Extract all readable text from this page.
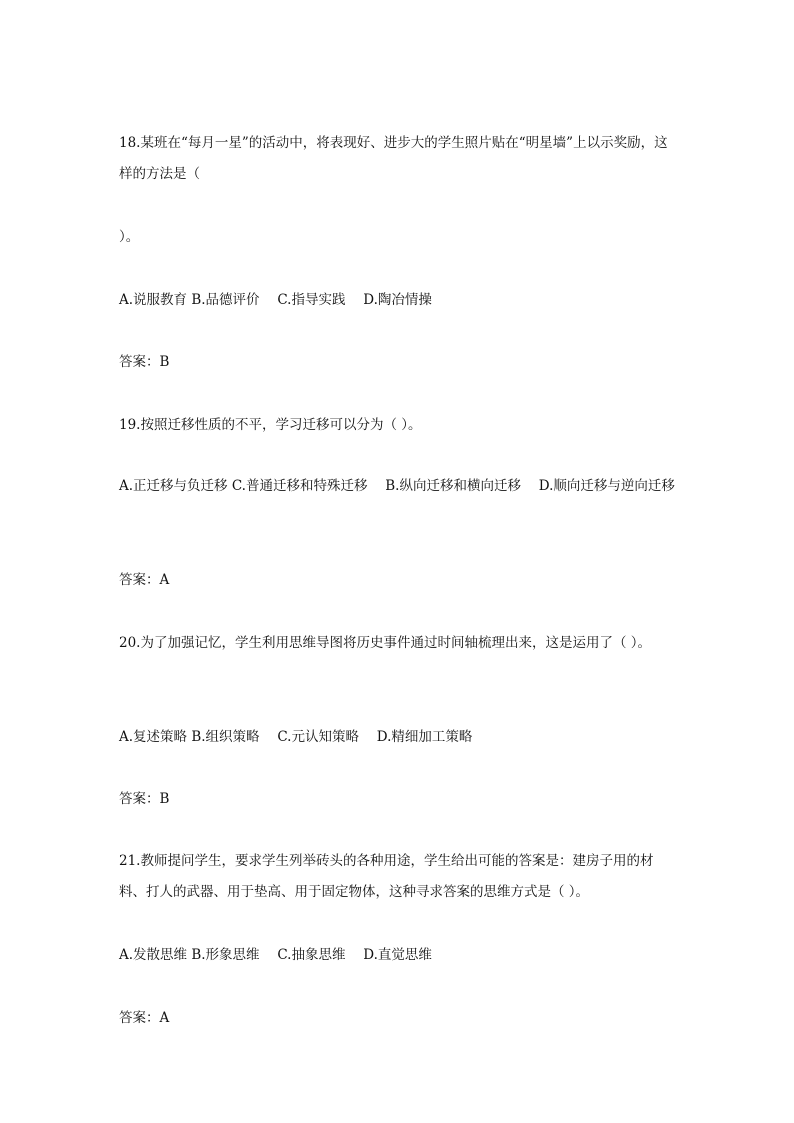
18.某班在“每月一星”的活动中，将表现好、进步大的学生照片贴在“明星墙”上以示奖励，这样的方法是（
）。
A.说服教育 B.品德评价　 C.指导实践　 D.陶冶情操
答案：B
19.按照迁移性质的不平，学习迁移可以分为（ ）。
A.正迁移与负迁移 C.普通迁移和特殊迁移　 B.纵向迁移和横向迁移　 D.顺向迁移与逆向迁移
答案：A
20.为了加强记忆，学生利用思维导图将历史事件通过时间轴梳理出来，这是运用了（ ）。
A.复述策略 B.组织策略　 C.元认知策略　 D.精细加工策略
答案：B
21.教师提问学生，要求学生列举砖头的各种用途，学生给出可能的答案是：建房子用的材料、打人的武器、用于垫高、用于固定物体，这种寻求答案的思维方式是（ ）。
A.发散思维 B.形象思维　 C.抽象思维　 D.直觉思维
答案：A
